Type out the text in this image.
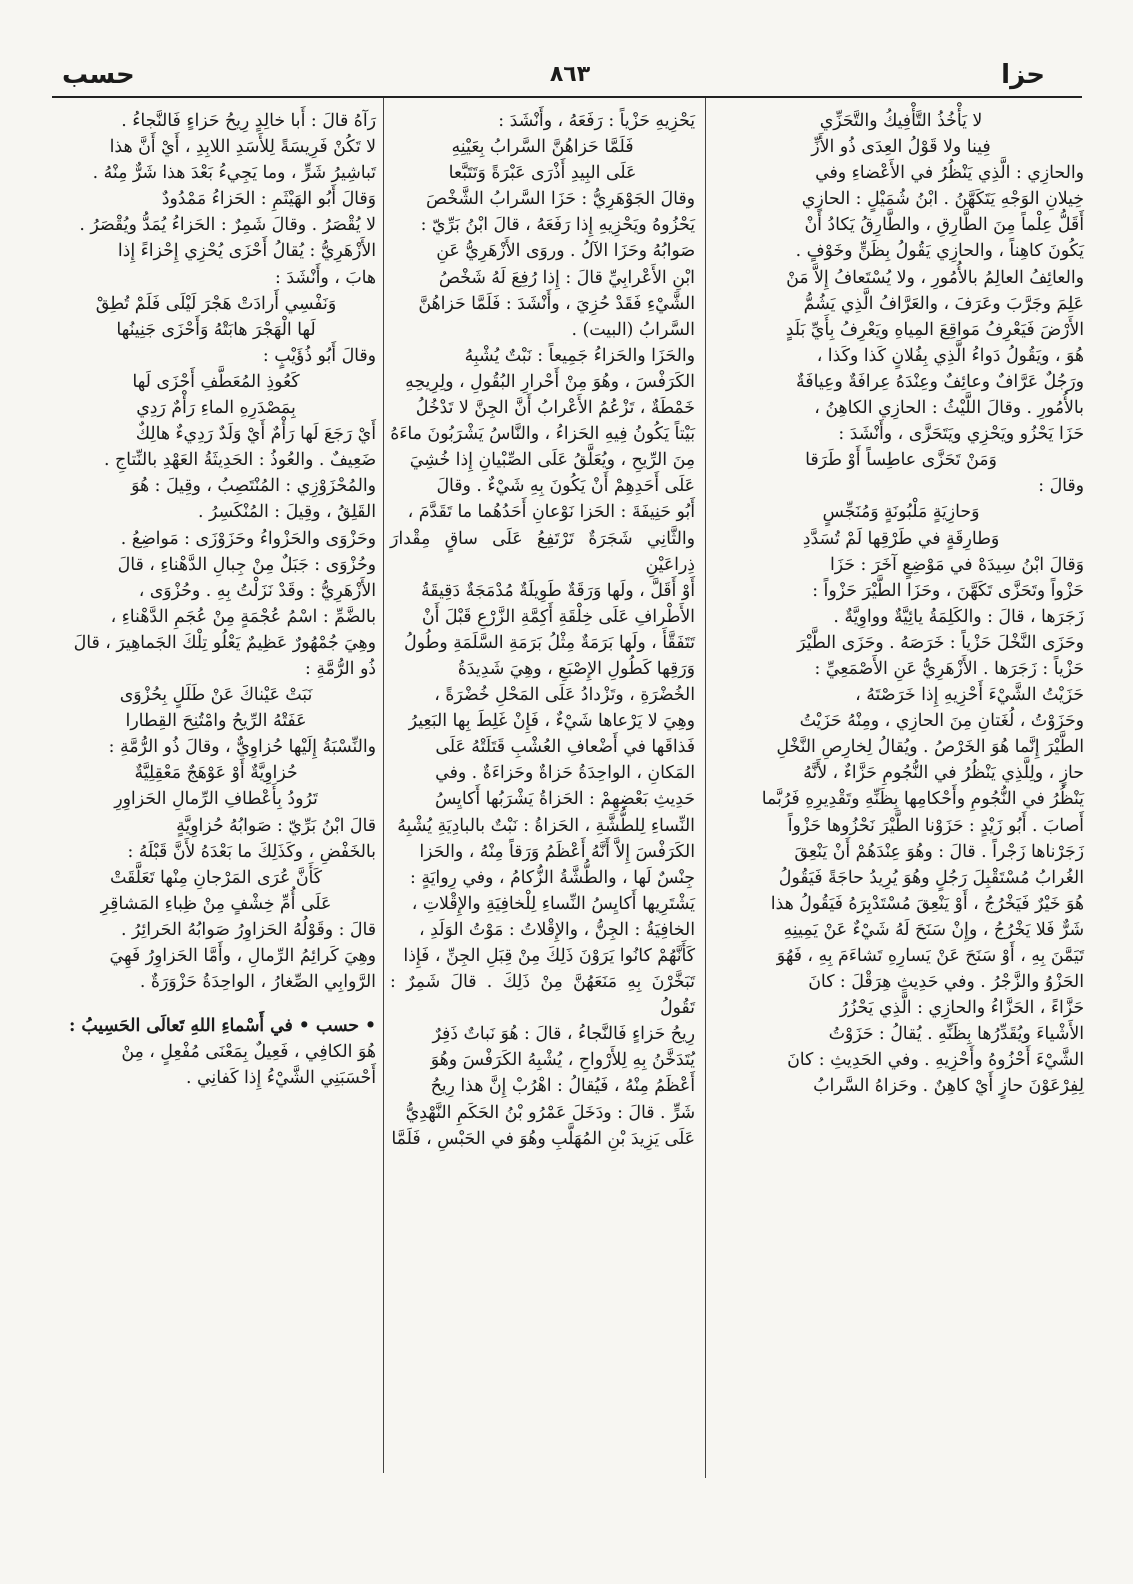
حزا
٨٦٣
حسب

لا يَأْخُذُ التَّأْفِيكُ والتَّحَزِّي

فِينا ولا قَوْلُ العِدَى ذُو الأَزِّ

والحازِي : الَّذِي يَنْظُرُ في الأَعْضاءِ وفي

خِيلانِ الوَجْهِ يَتَكَهَّنُ . ابْنُ شُمَيْلٍ : الحازِي

أَقَلُّ عِلْماً مِنَ الطَّارِقِ ، والطَّارِقُ يَكادُ أَنْ

يَكُونَ كاهِناً ، والحازِي يَقُولُ بِظَنٍّ وخَوْفٍ .

والعائِفُ العالِمُ بالأُمُورِ ، ولا يُسْتَعافُ إِلاَّ مَنْ

عَلِمَ وجَرَّبَ وعَرَفَ ، والعَرَّافُ الَّذِي يَشُمُّ

الأَرْضَ فَيَعْرِفُ مَواقِعَ المِياهِ ويَعْرِفُ بِأَيِّ بَلَدٍ

هُوَ ، ويَقُولُ دَواءُ الَّذِي بِفُلانٍ كَذا وكَذا ،

ورَجُلٌ عَرَّافٌ وعائِفٌ وعِنْدَهُ عِرافَةٌ وعِيافَةٌ

بالأُمُورِ . وقالَ اللَّيْثُ : الحازِي الكاهِنُ ،

حَزَا يَحْزُو ويَحْزِي ويَتَحَزَّى ، وأَنْشَدَ :

وَمَنْ تَحَزَّى عاطِساً أَوْ طَرَقا

وقالَ :

وَحازِيَةٍ مَلْبُونَةٍ وَمُنَجِّسٍ

وَطارِقَةٍ في طَرْقِها لَمْ تُسَدَّدِ

وَقالَ ابْنُ سِيدَهْ في مَوْضِعٍ آخَرَ : حَزَا

حَزْواً وتَحَزَّى تَكَهَّنَ ، وحَزَا الطَّيْرَ حَزْواً :

زَجَرَها ، قالَ : والكَلِمَةُ يائِيَّةٌ وواوِيَّةٌ .

وحَزَى النَّخْلَ حَزْياً : خَرَصَهُ . وحَزَى الطَّيْرَ

حَزْياً : زَجَرَها . الأَزْهَرِيُّ عَنِ الأَصْمَعِيِّ :

حَزَيْتُ الشَّيْءَ أَحْزِيهِ إِذا خَرَصْتَهُ ،

وحَزَوْتُ ، لُغَتانِ مِنَ الحازِي ، ومِنْهُ حَزَيْتُ

الطَّيْرَ إِنَّما هُوَ الخَرْصُ . ويُقالُ لِخارِصِ النَّخْلِ

حازٍ ، ولِلَّذِي يَنْظُرُ في النُّجُومِ حَزَّاءٌ ، لأَنَّهُ

يَنْظُرُ في النُّجُومِ وأَحْكامِها بِظَنِّهِ وتَقْدِيرِهِ فَرُبَّما

أَصابَ . أَبُو زَيْدٍ : حَزَوْنا الطَّيْرَ نَحْزُوها حَزْواً

زَجَرْناها زَجْراً . قالَ : وهُوَ عِنْدَهُمْ أَنْ يَنْعِقَ

الغُرابُ مُسْتَقْبِلَ رَجُلٍ وهُوَ يُرِيدُ حاجَةً فَيَقُولُ

هُوَ خَيْرٌ فَيَخْرُجُ ، أَوْ يَنْعِقَ مُسْتَدْبِرَهُ فَيَقُولُ هذا

شَرٌّ فَلا يَخْرُجُ ، وإِنْ سَنَحَ لَهُ شَيْءٌ عَنْ يَمِينِهِ

تَيَمَّنَ بِهِ ، أَوْ سَنَحَ عَنْ يَسارِهِ تَشاءَمَ بِهِ ، فَهُوَ

الحَزْوُ والزَّجْرُ . وفي حَدِيثِ هِرَقْلَ : كانَ

حَزَّاءً ، الحَزَّاءُ والحازِي : الَّذِي يَحْزُرُ

الأَشْياءَ ويُقَدِّرُها بِظَنِّهِ . يُقالُ : حَزَوْتُ

الشَّيْءَ أَحْزُوهُ وأَحْزِيهِ . وفي الحَدِيثِ : كانَ

لِفِرْعَوْنَ حازٍ أَيْ كاهِنٌ . وحَزاهُ السَّرابُ

يَحْزِيهِ حَزْياً : رَفَعَهُ ، وأَنْشَدَ :

فَلَمَّا حَزاهُنَّ السَّرابُ بِعَيْنِهِ

عَلَى البِيدِ أَذْرَى عَبْرَةً وَتَتَبَّعا

وقالَ الجَوْهَرِيُّ : حَزَا السَّرابُ الشَّخْصَ

يَحْزُوهُ ويَحْزِيهِ إِذا رَفَعَهُ ، قالَ ابْنُ بَرِّيّ :

صَوابُهُ وحَزَا الآلُ . وروَى الأَزْهَرِيُّ عَنِ

ابْنِ الأَعْرابِيِّ قالَ : إِذا رُفِعَ لَهُ شَخْصُ

الشَّيْءِ فَقَدْ حُزِيَ ، وأَنْشَدَ : فَلَمَّا حَزاهُنَّ

السَّرابُ (البيت) .

والحَزَا والحَزاءُ جَمِيعاً : نَبْتٌ يُشْبِهُ

الكَرَفْسَ ، وهُوَ مِنْ أَحْرارِ البُقُولِ ، ولِرِيحِهِ

خَمْطَةٌ ، تَزْعُمُ الأَعْرابُ أَنَّ الجِنَّ لا تَدْخُلُ

بَيْتاً يَكُونُ فِيهِ الحَزاءُ ، والنَّاسُ يَشْرَبُونَ ماءَهُ

مِنَ الرِّيحِ ، ويُعَلَّقُ عَلَى الصِّبْيانِ إِذا خُشِيَ

عَلَى أَحَدِهِمْ أَنْ يَكُونَ بِهِ شَيْءٌ . وقالَ

أَبُو حَنِيفَةَ : الحَزا نَوْعانِ أَحَدُهُما ما تَقَدَّمَ ،

والثَّانِي شَجَرَةٌ تَرْتَفِعُ عَلَى ساقٍ مِقْدارَ ذِراعَيْنِ

أَوْ أَقَلَّ ، ولَها وَرَقَةٌ طَوِيلَةٌ مُدْمَجَةٌ دَقِيقَةُ

الأَطْرافِ عَلَى خِلْقَةِ أَكِمَّةِ الزَّرْعِ قَبْلَ أَنْ

تَتَفَقَّأَ ، ولَها بَرَمَةٌ مِثْلُ بَرَمَةِ السَّلَمَةِ وطُولُ

وَرَقِها كَطُولِ الإِصْبَعِ ، وهِيَ شَدِيدَةُ

الخُضْرَةِ ، وتَزْدادُ عَلَى المَحْلِ خُضْرَةً ،

وهِيَ لا يَرْعاها شَيْءٌ ، فَإِنْ غَلِطَ بِها البَعِيرُ

فَذاقَها في أَضْعافِ العُشْبِ قَتَلَتْهُ عَلَى

المَكانِ ، الواحِدَةُ حَزاةٌ وحَزاءَةٌ . وفي

حَدِيثِ بَعْضِهِمْ : الحَزاةُ يَشْرَبُها أَكايِسُ

النِّساءِ لِلطُّشَّةِ ، الحَزاةُ : نَبْتٌ بالبادِيَةِ يُشْبِهُ

الكَرَفْسَ إِلاَّ أَنَّهُ أَعْظَمُ وَرَقاً مِنْهُ ، والحَزا

جِنْسٌ لَها ، والطُّشَّةُ الزُّكامُ ، وفي رِوايَةٍ :

يَشْتَرِيها أَكايِسُ النِّساءِ لِلْخافِيَةِ والإِقْلاتِ ،

الخافِيَةُ : الجِنُّ ، والإِقْلاتُ : مَوْتُ الوَلَدِ ،

كَأَنَّهُمْ كانُوا يَرَوْنَ ذَلِكَ مِنْ قِبَلِ الجِنِّ ، فَإِذا

تَبَخَّرْنَ بِهِ مَنَعَهُنَّ مِنْ ذَلِكَ . قالَ شَمِرٌ : تَقُولُ

رِيحُ حَزاءٍ فَالنَّجاءُ ، قالَ : هُوَ نَباتٌ ذَفِرٌ

يُتَدَخَّنُ بِهِ لِلأَرْواحِ ، يُشْبِهُ الكَرَفْسَ وهُوَ

أَعْظَمُ مِنْهُ ، فَيُقالُ : اهْرُبْ إِنَّ هذا رِيحُ

شَرٍّ . قالَ : ودَخَلَ عَمْرُو بْنُ الحَكَمِ النَّهْدِيُّ

عَلَى يَزِيدَ بْنِ المُهَلَّبِ وهُوَ في الحَبْسِ ، فَلَمَّا

رَآهُ قالَ : أَبا خالِدٍ رِيحُ حَزاءٍ فَالنَّجاءُ .

لا تَكُنْ فَرِيسَةً لِلأَسَدِ اللابِدِ ، أَيْ أَنَّ هذا

تَباشِيرُ شَرٍّ ، وما يَجِيءُ بَعْدَ هذا شَرٌّ مِنْهُ .

وَقالَ أَبُو الهَيْثَمِ : الحَزاءُ مَمْدُودٌ

لا يُقْصَرُ . وقالَ شَمِرٌ : الحَزاءُ يُمَدُّ ويُقْصَرُ .

الأَزْهَرِيُّ : يُقالُ أَحْزَى يُحْزِي إِحْزاءً إِذا

هابَ ، وأَنْشَدَ :

وَنَفْسِي أَرادَتْ هَجْرَ لَيْلَى فَلَمْ تُطِقْ

لَها الْهَجْرَ هابَتْهُ وَأَحْزَى جَنِينُها

وقالَ أَبُو ذُؤَيْبٍ :

كَعُوذِ المُعَطَّفِ أَحْزَى لَها

بِمَصْدَرِهِ الماءِ رَأْمٌ رَدِي

أَيْ رَجَعَ لَها رَأْمٌ أَيْ وَلَدٌ رَدِيءٌ هالِكٌ

ضَعِيفٌ . والعُوذُ : الحَدِيثَةُ العَهْدِ بالنِّتاجِ .

والمُحْزَوْزِي : المُنْتَصِبُ ، وقِيلَ : هُوَ

القَلِقُ ، وقِيلَ : المُنْكَسِرُ .

وحَزْوَى والحَزْواءُ وحَزَوْزَى : مَواضِعُ .

وحُزْوَى : جَبَلٌ مِنْ جِبالِ الدَّهْناءِ ، قالَ

الأَزْهَرِيُّ : وقَدْ نَزَلْتُ بِهِ . وحُزْوَى ،

بالضَّمِّ : اسْمُ عُجْمَةٍ مِنْ عُجَمِ الدَّهْناءِ ،

وهِيَ جُمْهُورٌ عَظِيمٌ يَعْلُو تِلْكَ الجَماهِيرَ ، قالَ

ذُو الرُّمَّةِ :

نَبَتْ عَيْناكَ عَنْ طَلَلٍ بِحُزْوَى

عَفَتْهُ الرِّيحُ وامْتُنِحَ القِطارا

والنِّسْبَةُ إِلَيْها حُزاوِيٌّ ، وقالَ ذُو الرُّمَّةِ :

حُزاوِيَّةٌ أَوْ عَوْهَجٌ مَعْقِلِيَّةٌ

تَرُودُ بِأَعْطافِ الرِّمالِ الحَزاوِرِ

قالَ ابْنُ بَرِّيّ : صَوابُهُ حُزاوِيَّةٍ

بالخَفْضِ ، وكَذَلِكَ ما بَعْدَهُ لأَنَّ قَبْلَهُ :

كَأَنَّ عُرَى المَرْجانِ مِنْها تَعَلَّقَتْ

عَلَى أُمِّ خِشْفٍ مِنْ ظِباءِ المَشاقِرِ

قالَ : وقَوْلُهُ الحَزاوِرُ صَوابُهُ الحَرائِرُ .

وهِيَ كَرائِمُ الرِّمالِ ، وأَمَّا الحَزاوِرُ فَهِيَ

الرَّوابِي الصِّغارُ ، الواحِدَةُ حَزْوَرَةٌ .

• حسب • في أَسْماءِ اللهِ تَعالَى الحَسِيبُ :

هُوَ الكافِي ، فَعِيلٌ بِمَعْنَى مُفْعِلٍ ، مِنْ

أَحْسَبَنِي الشَّيْءُ إِذا كَفانِي .
